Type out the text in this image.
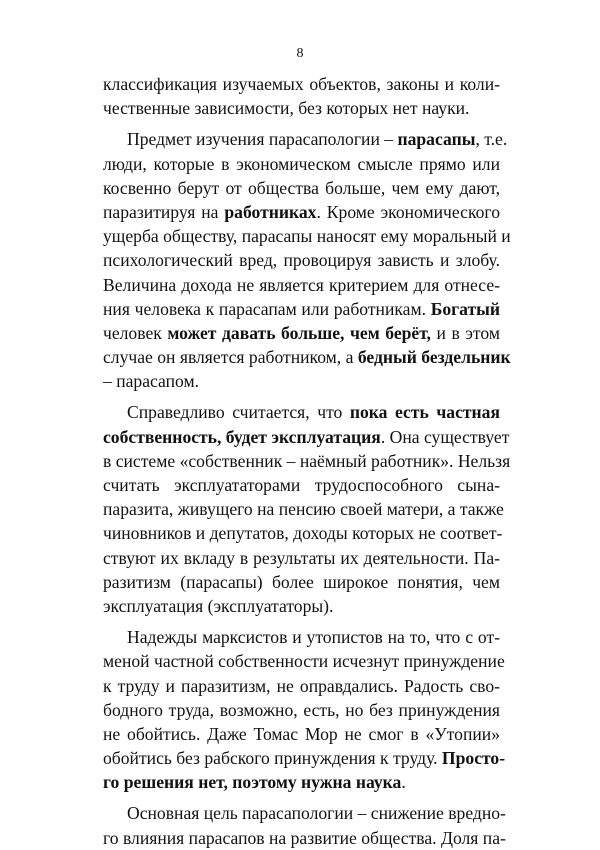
8
классификация изучаемых объектов, законы и коли-
чественные зависимости, без которых нет науки.
Предмет изучения парасапологии – парасапы, т.е.
люди, которые в экономическом смысле прямо или
косвенно берут от общества больше, чем ему дают,
паразитируя на работниках. Кроме экономического
ущерба обществу, парасапы наносят ему моральный и
психологический вред, провоцируя зависть и злобу.
Величина дохода не является критерием для отнесе-
ния человека к парасапам или работникам. Богатый
человек может давать больше, чем берёт, и в этом
случае он является работником, а бедный бездельник
– парасапом.
Справедливо считается, что пока есть частная
собственность, будет эксплуатация. Она существует
в системе «собственник – наёмный работник». Нельзя
считать эксплуататорами трудоспособного сына-
паразита, живущего на пенсию своей матери, а также
чиновников и депутатов, доходы которых не соответ-
ствуют их вкладу в результаты их деятельности. Па-
разитизм (парасапы) более широкое понятия, чем
эксплуатация (эксплуататоры).
Надежды марксистов и утопистов на то, что с от-
меной частной собственности исчезнут принуждение
к труду и паразитизм, не оправдались. Радость сво-
бодного труда, возможно, есть, но без принуждения
не обойтись. Даже Томас Мор не смог в «Утопии»
обойтись без рабского принуждения к труду. Просто-
го решения нет, поэтому нужна наука.
Основная цель парасапологии – снижение вредно-
го влияния парасапов на развитие общества. Доля па-
